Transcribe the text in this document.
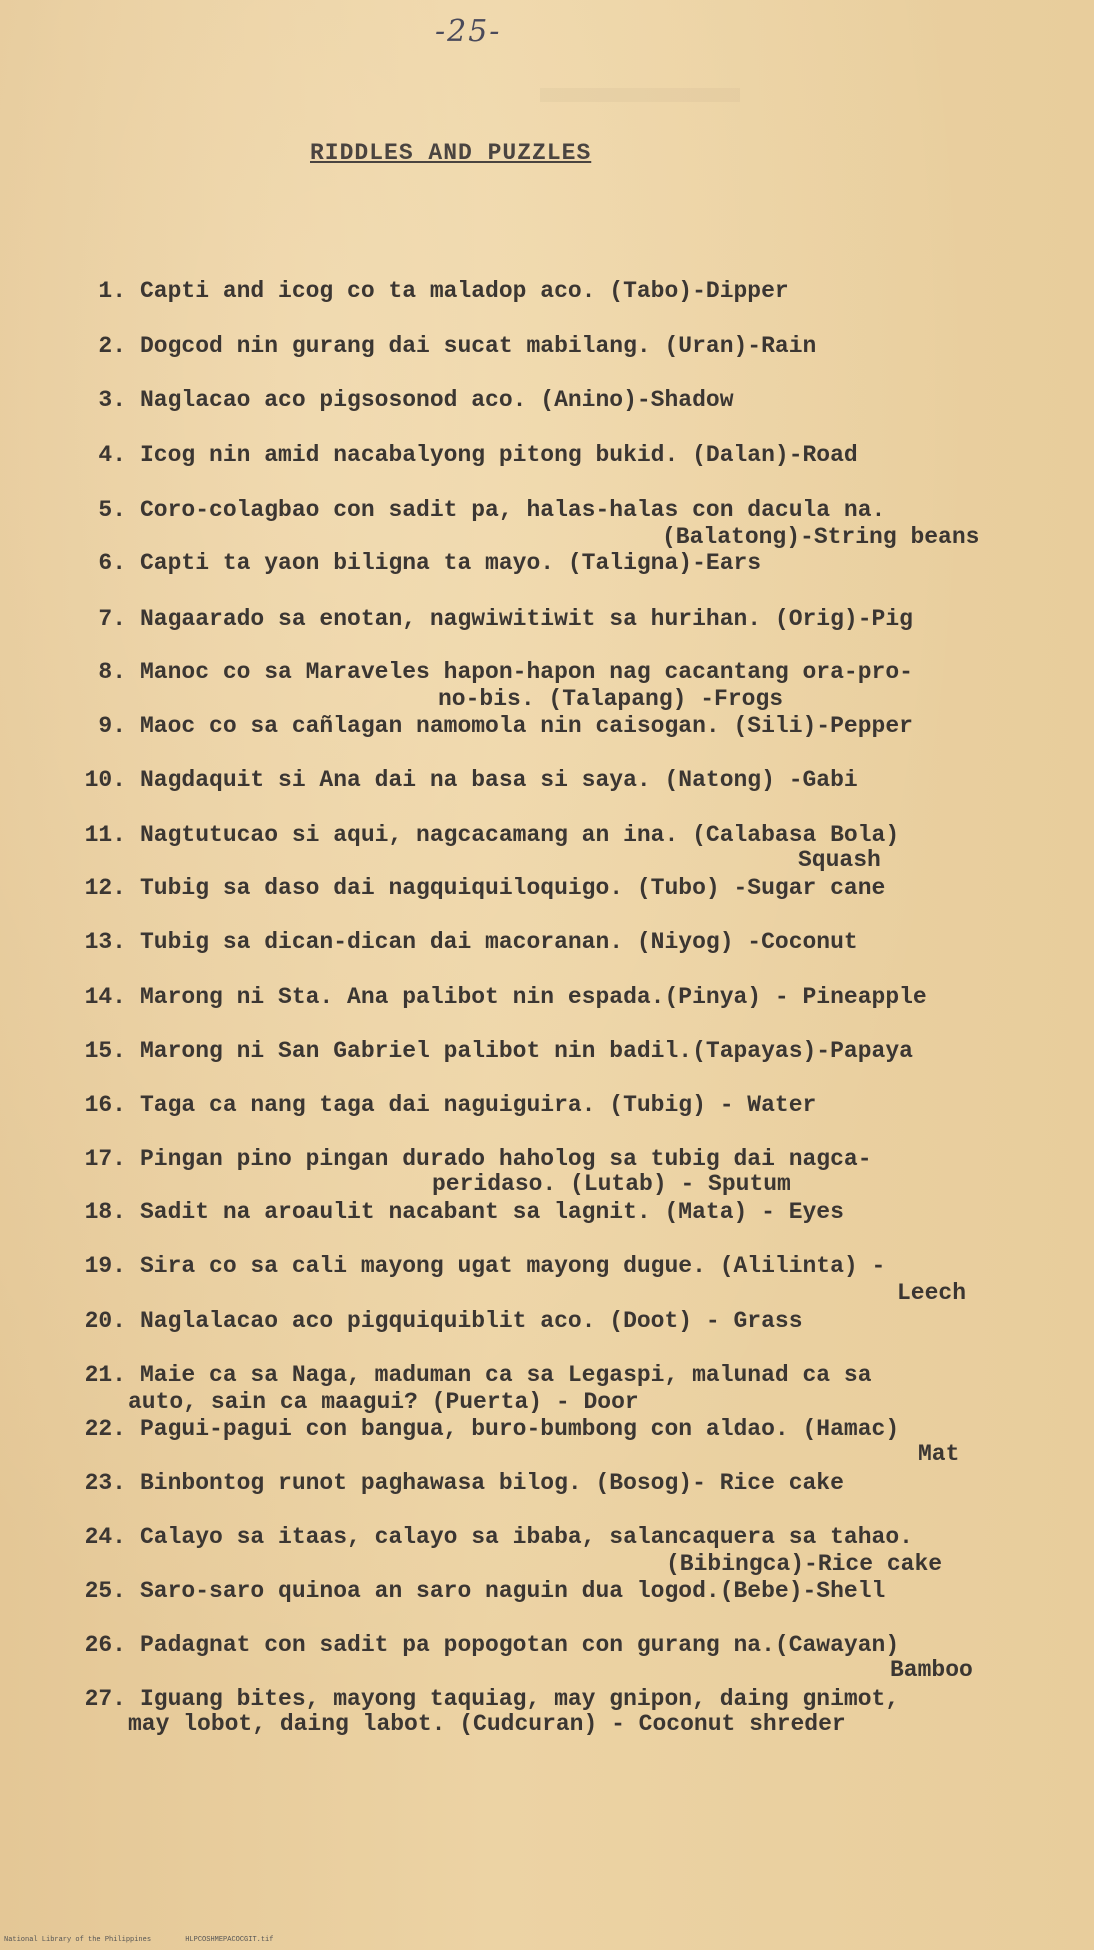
-25-
RIDDLES AND PUZZLES
1. Capti and icog co ta maladop aco. (Tabo)-Dipper
2. Dogcod nin gurang dai sucat mabilang. (Uran)-Rain
3. Naglacao aco pigsosonod aco. (Anino)-Shadow
4. Icog nin amid nacabalyong pitong bukid. (Dalan)-Road
5. Coro-colagbao con sadit pa, halas-halas con dacula na.
(Balatong)-String beans
6. Capti ta yaon biligna ta mayo. (Taligna)-Ears
7. Nagaarado sa enotan, nagwiwitiwit sa hurihan. (Orig)-Pig
8. Manoc co sa Maraveles hapon-hapon nag cacantang ora-pro-
no-bis. (Talapang) -Frogs
9. Maoc co sa cañlagan namomola nin caisogan. (Sili)-Pepper
10. Nagdaquit si Ana dai na basa si saya. (Natong) -Gabi
11. Nagtutucao si aqui, nagcacamang an ina. (Calabasa Bola)
Squash
12. Tubig sa daso dai nagquiquiloquigo. (Tubo) -Sugar cane
13. Tubig sa dican-dican dai macoranan. (Niyog) -Coconut
14. Marong ni Sta. Ana palibot nin espada.(Pinya) - Pineapple
15. Marong ni San Gabriel palibot nin badil.(Tapayas)-Papaya
16. Taga ca nang taga dai naguiguira. (Tubig) - Water
17. Pingan pino pingan durado haholog sa tubig dai nagca-
peridaso. (Lutab) - Sputum
18. Sadit na aroaulit nacabant sa lagnit. (Mata) - Eyes
19. Sira co sa cali mayong ugat mayong dugue. (Alilinta) -
Leech
20. Naglalacao aco pigquiquiblit aco. (Doot) - Grass
21. Maie ca sa Naga, maduman ca sa Legaspi, malunad ca sa
auto, sain ca maagui? (Puerta) - Door
22. Pagui-pagui con bangua, buro-bumbong con aldao. (Hamac)
Mat
23. Binbontog runot paghawasa bilog. (Bosog)- Rice cake
24. Calayo sa itaas, calayo sa ibaba, salancaquera sa tahao.
(Bibingca)-Rice cake
25. Saro-saro quinoa an saro naguin dua logod.(Bebe)-Shell
26. Padagnat con sadit pa popogotan con gurang na.(Cawayan)
Bamboo
27. Iguang bites, mayong taquiag, may gnipon, daing gnimot,
may lobot, daing labot. (Cudcuran) - Coconut shreder
National Library of the Philippines	HLPCOSHMEPACOCGIT.tif
